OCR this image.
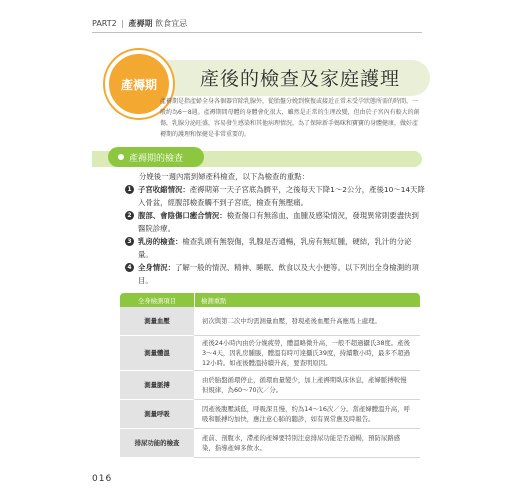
PART2 | 產褥期 飲食宜忌
產褥期	產後的檢查及家庭護理
產褥期是指產婦全身各個器官除乳腺外，從胎盤分娩到恢復或接近正常未受孕狀態所需的時間，一般約為6～8週。產褥期間母體的身體會化很大，雖然是正常的生理改變，但由於子宮內有較大的創傷，乳腺分泌旺盛，容易發生感染和其他病理情況，為了保障新手媽咪和寶寶的身體健康，做好產褥期的護理和保健是非常重要的。
產褥期的檢查
分娩後一週內需到婦產科檢查，以下為檢查的重點：
1 子宮收縮情況：產褥期第一天子宮底為臍平，之後每天下降1～2公分，產後10～14天降入骨盆，經腹部檢查觸不到子宮底，檢查有無壓痛。
2 腹部、會陰傷口癒合情況：檢查傷口有無滲血、血腫及感染情況，發現異常則要盡快到醫院診療。
3 乳房的檢查：檢查乳頭有無裂傷，乳腺是否通暢，乳房有無紅腫，硬結，乳汁的分泌量。
4 全身情況：了解一般的情況、精神、睡眠、飲食以及大小便等。以下列出全身檢測的項目。
全身檢測項目	檢測重點
測量血壓	初次與第二次中均需測量血壓，發現產後血壓升高應馬上處理。
測量體溫	產後24小時內由於分娩疲勞，體溫略微升高，一般不超過攝氏38度。產後3～4天，因乳房腫脹，體溫有時可達攝氏39度，持續數小時，最多不超過12小時。如產後體溫持續升高，要查明原因。
測量脈搏	由於胎盤循環停止，循環血量變少，加上產褥期臥床休息，產婦脈搏較慢但規律，為60～70次／分。
測量呼吸	因產後腹壓減低，呼吸深且慢，約為14～16次／分。當產婦體溫升高，呼吸和脈搏均加快，應注意心肺的聽診，如有異常應及時報告。
排尿功能的檢查	產前、剖腹水，滯產的產婦要特別注意排尿功能是否通暢，預防尿路感染，指導產婦多飲水。
016
